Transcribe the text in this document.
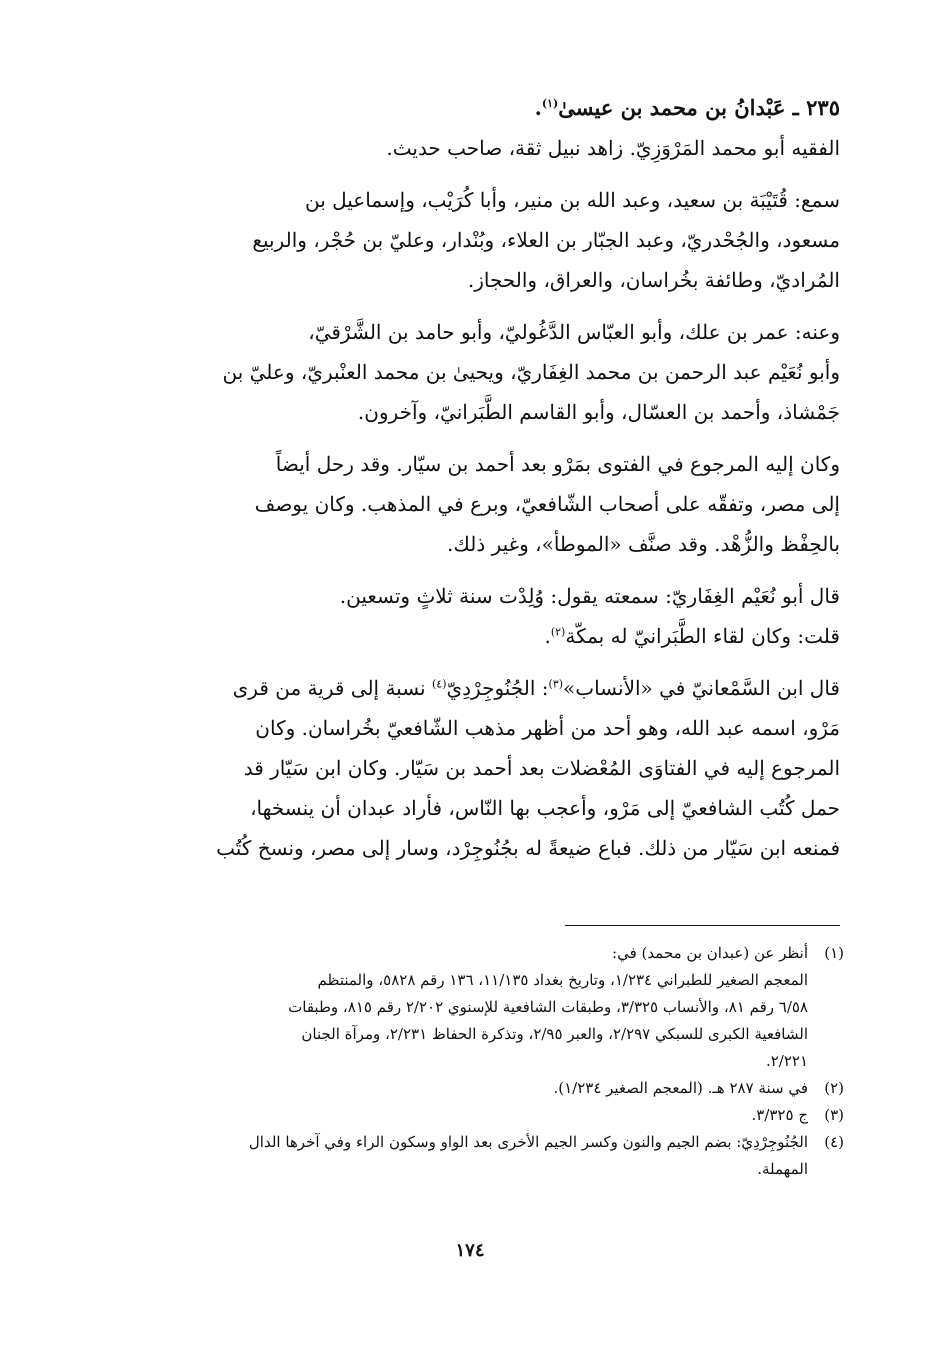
٢٣٥ ـ عَبْدانُ بن محمد بن عيسىٰ$^{(١)}$.
الفقيه أبو محمد المَرْوَزِيّ. زاهد نبيل ثقة، صاحب حديث.
سمع: قُتَيْبَة بن سعيد، وعبد الله بن منير، وأبا كُرَيْب، وإسماعيل بن
مسعود، والجُحْدريّ، وعبد الجبّار بن العلاء، وبُنْدار، وعليّ بن حُجْر، والربيع
المُراديّ، وطائفة بخُراسان، والعراق، والحجاز.
وعنه: عمر بن علك، وأبو العبّاس الدَّغُوليّ، وأبو حامد بن الشَّرْقيّ،
وأبو نُعَيْم عبد الرحمن بن محمد الغِفَاريّ، ويحيىٰ بن محمد العنْبريّ، وعليّ بن
جَمْشاذ، وأحمد بن العسّال، وأبو القاسم الطَّبَرانيّ، وآخرون.
وكان إليه المرجوع في الفتوى بمَرْو بعد أحمد بن سيّار. وقد رحل أيضاً
إلى مصر، وتفقّه على أصحاب الشّافعيّ، وبرع في المذهب. وكان يوصف
بالحِفْظ والزُّهْد. وقد صنَّف «الموطأ»، وغير ذلك.
قال أبو نُعَيْم الغِفَاريّ: سمعته يقول: وُلِدْت سنة ثلاثٍ وتسعين.
قلت: وكان لقاء الطَّبَرانيّ له بمكّة$^{(٢)}$.
قال ابن السَّمْعانيّ في «الأنساب»$^{(٣)}$: الجُنُوجِرْدِيّ$^{(٤)}$ نسبة إلى قرية من قرى
مَرْو، اسمه عبد الله، وهو أحد من أظهر مذهب الشّافعيّ بخُراسان. وكان
المرجوع إليه في الفتاوَى المُعْضلات بعد أحمد بن سَيّار. وكان ابن سَيّار قد
حمل كُتُب الشافعيّ إلى مَرْو، وأعجب بها النّاس، فأراد عبدان أن ينسخها،
فمنعه ابن سَيّار من ذلك. فباع ضيعةً له بجُنُوجِرْد، وسار إلى مصر، ونسخ كُتُب
(١)
أنظر عن (عبدان بن محمد) في:
المعجم الصغير للطبراني ١/٢٣٤، وتاريخ بغداد ١١/١٣٥، ١٣٦ رقم ٥٨٢٨، والمنتظم
٦/٥٨ رقم ٨١، والأنساب ٣/٣٢٥، وطبقات الشافعية للإسنوي ٢/٢٠٢ رقم ٨١٥، وطبقات
الشافعية الكبرى للسبكي ٢/٢٩٧، والعبر ٢/٩٥، وتذكرة الحفاظ ٢/٢٣١، ومرآة الجنان
٢/٢٢١.
(٢)
في سنة ٢٨٧ هـ. (المعجم الصغير ١/٢٣٤).
(٣)
ج ٣/٣٢٥.
(٤)
الجُنُوجِرْدِيّ: بضم الجيم والنون وكسر الجيم الأخرى بعد الواو وسكون الراء وفي آخرها الدال
المهملة.
١٧٤
